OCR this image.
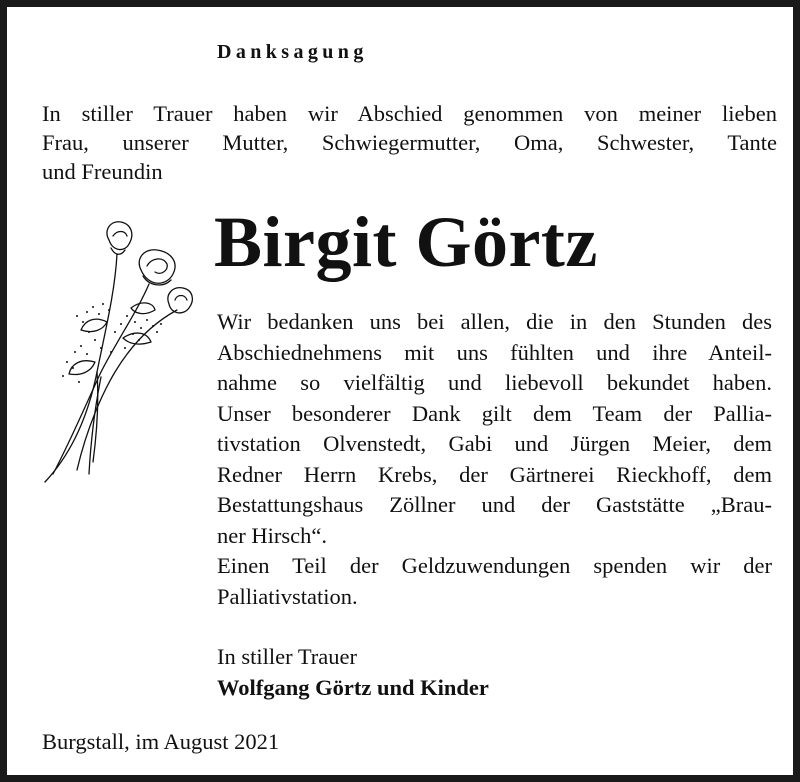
Danksagung
In stiller Trauer haben wir Abschied genommen von meiner lieben
Frau, unserer Mutter, Schwiegermutter, Oma, Schwester, Tante
und Freundin
Birgit Görtz
Wir bedanken uns bei allen, die in den Stunden des
Abschiednehmens mit uns fühlten und ihre Anteil-
nahme so vielfältig und liebevoll bekundet haben.
Unser besonderer Dank gilt dem Team der Pallia-
tivstation Olvenstedt, Gabi und Jürgen Meier, dem
Redner Herrn Krebs, der Gärtnerei Rieckhoff, dem
Bestattungshaus Zöllner und der Gaststätte „Brau-
ner Hirsch“.
Einen Teil der Geldzuwendungen spenden wir der
Palliativstation.
In stiller Trauer
Wolfgang Görtz und Kinder
Burgstall, im August 2021
